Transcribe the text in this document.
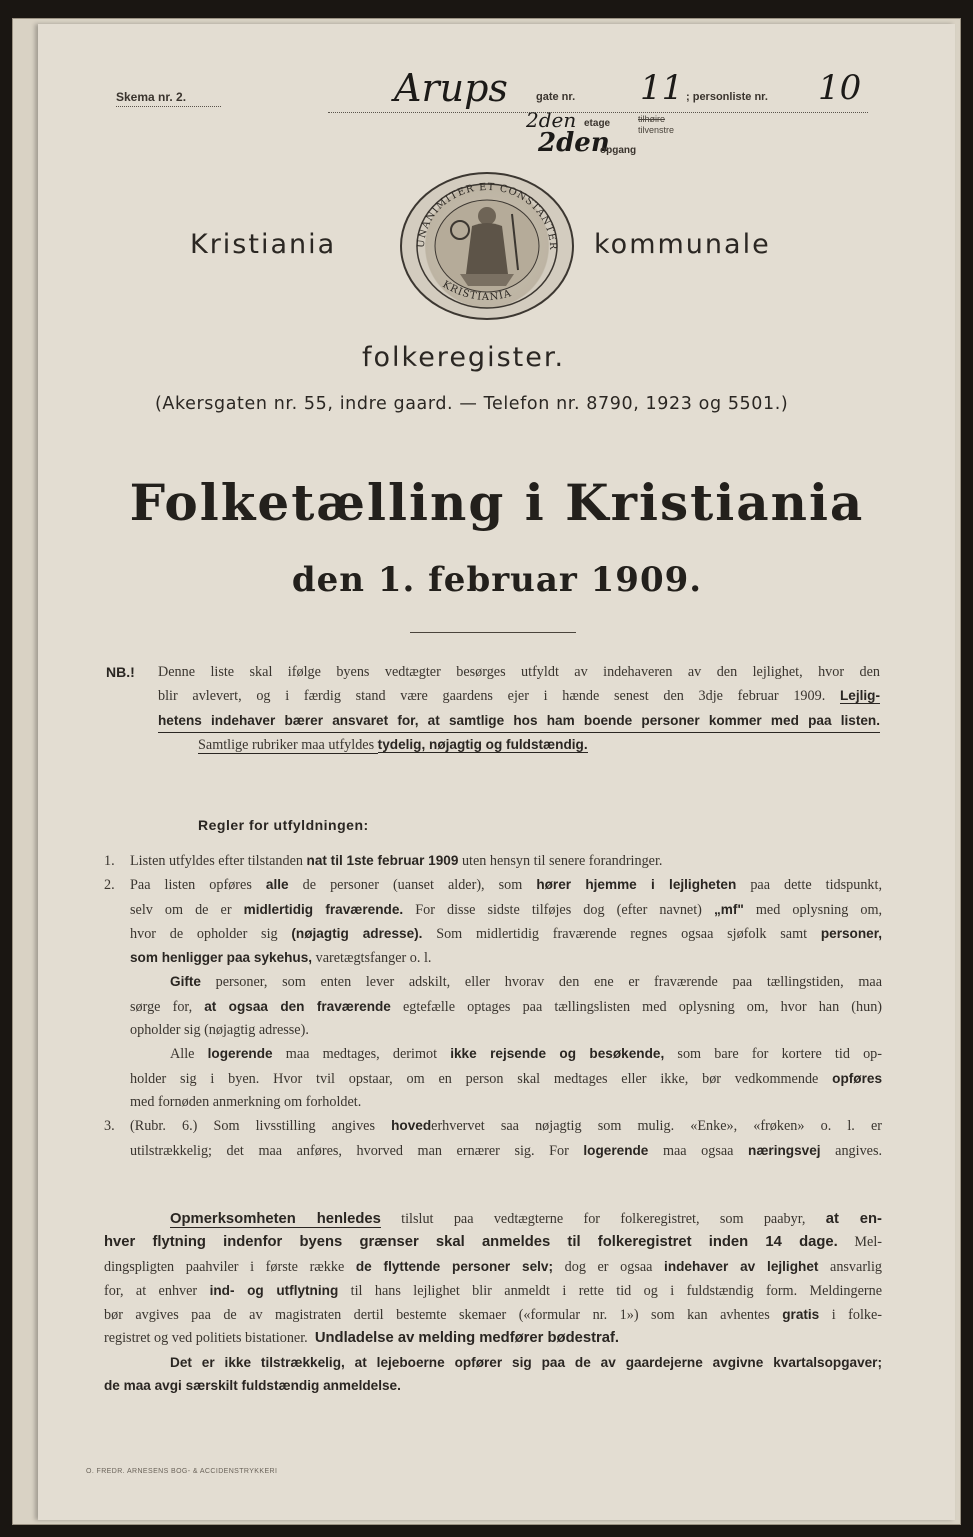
Skema nr. 2.	Arups	gate nr. 11 ; personliste nr. 10
2den etage	tilhøire
tilvenstre
2den
opgang
Kristiania	kommunale
UNANIMITER ET CONSTANTER
KRISTIANIA
folkeregister.
(Akersgaten nr. 55, indre gaard. — Telefon nr. 8790, 1923 og 5501.)
Folketælling i Kristiania
den 1. februar 1909.
NB.! Denne liste skal ifølge byens vedtægter besørges utfyldt av indehaveren av den lejlighet, hvor den
blir avlevert, og i færdig stand være gaardens ejer i hænde senest den 3dje februar 1909. Lejlig-
hetens indehaver bærer ansvaret for, at samtlige hos ham boende personer kommer med paa listen.
Samtlige rubriker maa utfyldes tydelig, nøjagtig og fuldstændig.
Regler for utfyldningen:
1. Listen utfyldes efter tilstanden nat til 1ste februar 1909 uten hensyn til senere forandringer.
2. Paa listen opføres alle de personer (uanset alder), som hører hjemme i lejligheten paa dette tidspunkt,
selv om de er midlertidig fraværende. For disse sidste tilføjes dog (efter navnet) „mf" med oplysning om,
hvor de opholder sig (nøjagtig adresse). Som midlertidig fraværende regnes ogsaa sjøfolk samt personer,
som henligger paa sykehus, varetægtsfanger o. l.
Gifte personer, som enten lever adskilt, eller hvorav den ene er fraværende paa tællingstiden, maa
sørge for, at ogsaa den fraværende egtefælle optages paa tællingslisten med oplysning om, hvor han (hun)
opholder sig (nøjagtig adresse).
Alle logerende maa medtages, derimot ikke rejsende og besøkende, som bare for kortere tid op-
holder sig i byen. Hvor tvil opstaar, om en person skal medtages eller ikke, bør vedkommende opføres
med fornøden anmerkning om forholdet.
3. (Rubr. 6.) Som livsstilling angives hovederhvervet saa nøjagtig som mulig. «Enke», «frøken» o. l. er
utilstrækkelig; det maa anføres, hvorved man ernærer sig. For logerende maa ogsaa næringsvej angives.
Opmerksomheten henledes tilslut paa vedtægterne for folkeregistret, som paabyr, at en-
hver flytning indenfor byens grænser skal anmeldes til folkeregistret inden 14 dage. Mel-
dingspligten paahviler i første række de flyttende personer selv; dog er ogsaa indehaver av lejlighet ansvarlig
for, at enhver ind- og utflytning til hans lejlighet blir anmeldt i rette tid og i fuldstændig form. Meldingerne
bør avgives paa de av magistraten dertil bestemte skemaer («formular nr. 1») som kan avhentes gratis i folke-
registret og ved politiets bistationer. Undladelse av melding medfører bødestraf.
Det er ikke tilstrækkelig, at lejeboerne opfører sig paa de av gaardejerne avgivne kvartalsopgaver;
de maa avgi særskilt fuldstændig anmeldelse.
O. FREDR. ARNESENS BOG- & ACCIDENSTRYKKERI
